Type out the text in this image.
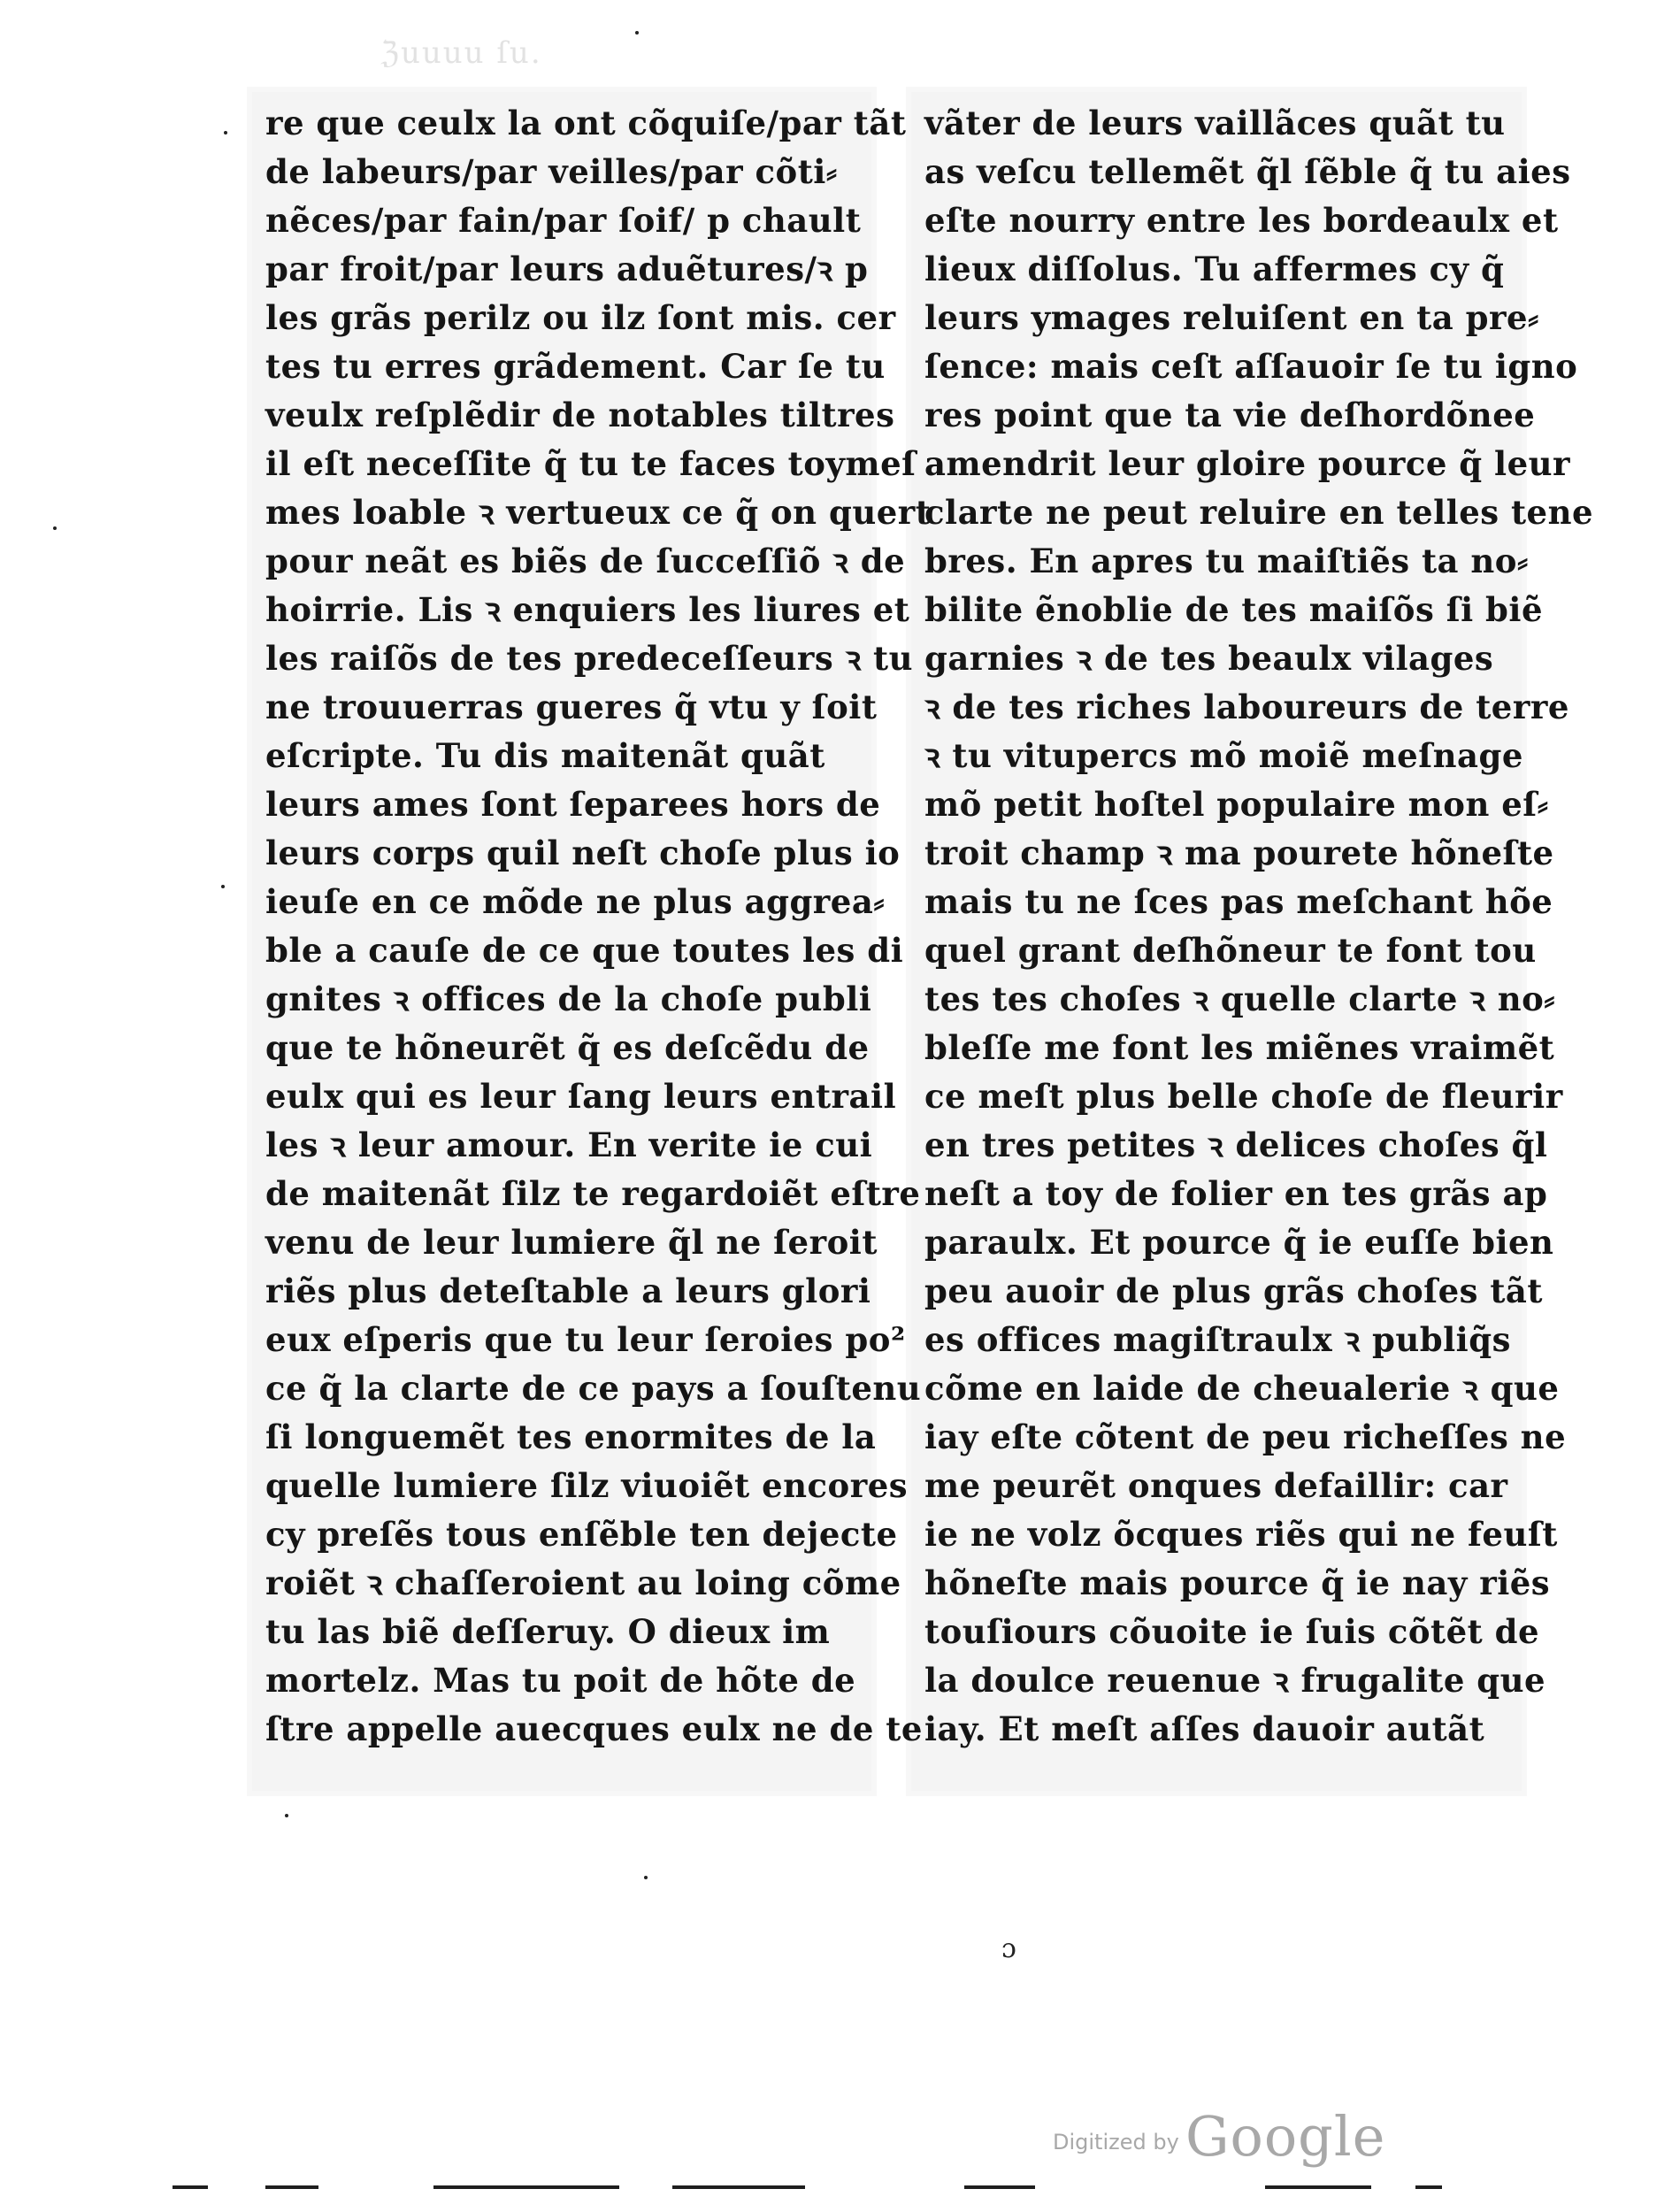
ℨuuuu ſu.
re que ceulx la ont cõquiſe/par tãt
de labeurs/par veilles/par cõti⸗
nẽces/par fain/par ſoif/ p chault
par froit/par leurs aduẽtures/ꝛ p
les grãs perilz ou ilz ſont mis. cer
tes tu erres grãdement. Car ſe tu
veulx reſplẽdir de notables tiltres
il eſt neceſſite q̃ tu te faces toymeſ
mes loable ꝛ vertueux ce q̃ on quert
pour neãt es biẽs de ſucceſſiõ ꝛ de
hoirrie. Lis ꝛ enquiers les liures et
les raiſõs de tes predeceſſeurs ꝛ tu
ne trouuerras gueres q̃ vtu y ſoit
eſcripte. Tu dis maitenãt quãt
leurs ames ſont ſeparees hors de
leurs corps quil neſt choſe plus io
ieuſe en ce mõde ne plus aggrea⸗
ble a cauſe de ce que toutes les di
gnites ꝛ offices de la choſe publi
que te hõneurẽt q̃ es deſcẽdu de
eulx qui es leur ſang leurs entrail
les ꝛ leur amour. En verite ie cui
de maitenãt ſilz te regardoiẽt eſtre
venu de leur lumiere q̃l ne ſeroit
riẽs plus deteſtable a leurs glori
eux eſperis que tu leur ſeroies po²
ce q̃ la clarte de ce pays a ſouſtenu
ſi longuemẽt tes enormites de la
quelle lumiere ſilz viuoiẽt encores
cy preſẽs tous enſẽble ten dejecte
roiẽt ꝛ chaſſeroient au loing cõme
tu las biẽ deſſeruy. O dieux im
mortelz. Mas tu poit de hõte de
ſtre appelle auecques eulx ne de te
vãter de leurs vaillãces quãt tu
as veſcu tellemẽt q̃l ſẽble q̃ tu aies
eſte nourry entre les bordeaulx et
lieux diſſolus. Tu affermes cy q̃
leurs ymages reluiſent en ta pre⸗
ſence: mais ceſt aſſauoir ſe tu igno
res point que ta vie deſhordõnee
amendrit leur gloire pource q̃ leur
clarte ne peut reluire en telles tene
bres. En apres tu maiſtiẽs ta no⸗
bilite ẽnoblie de tes maiſõs ſi biẽ
garnies ꝛ de tes beaulx vilages
ꝛ de tes riches laboureurs de terre
ꝛ tu vitupercs mõ moiẽ meſnage
mõ petit hoſtel populaire mon eſ⸗
troit champ ꝛ ma pourete hõneſte
mais tu ne ſces pas meſchant hõe
quel grant deſhõneur te font tou
tes tes choſes ꝛ quelle clarte ꝛ no⸗
bleſſe me font les miẽnes vraimẽt
ce meſt plus belle choſe de fleurir
en tres petites ꝛ delices choſes q̃l
neſt a toy de folier en tes grãs ap
paraulx. Et pource q̃ ie euſſe bien
peu auoir de plus grãs choſes tãt
es offices magiſtraulx ꝛ publiq̃s
cõme en laide de cheualerie ꝛ que
iay eſte cõtent de peu richeſſes ne
me peurẽt onques defaillir: car
ie ne volz õcques riẽs qui ne feuſt
hõneſte mais pource q̃ ie nay riẽs
touſiours cõuoite ie ſuis cõtẽt de
la doulce reuenue ꝛ frugalite que
iay. Et meſt aſſes dauoir autãt
ɔ
Digitized by Google
